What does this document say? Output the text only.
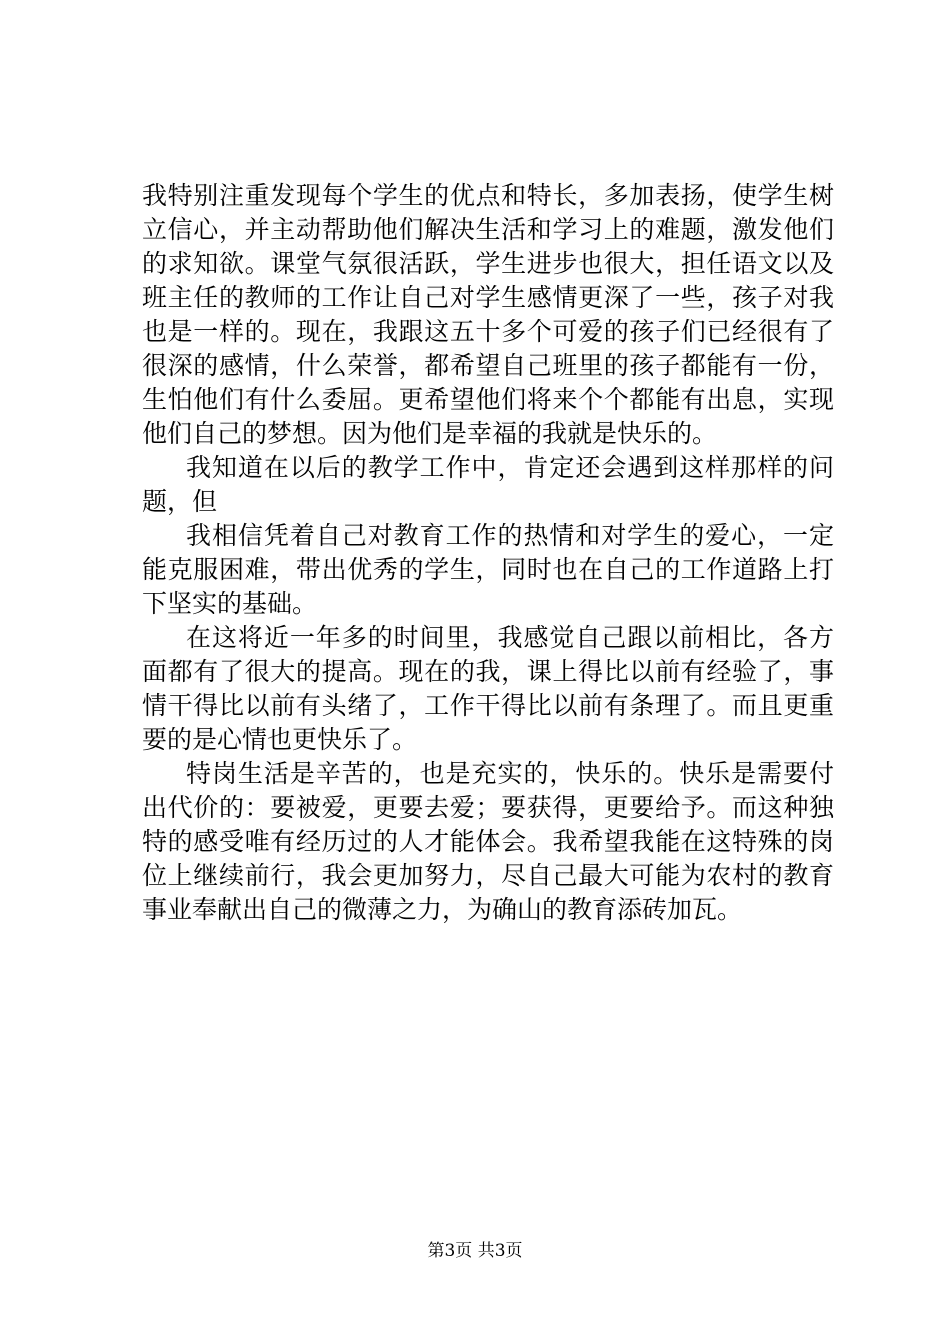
我特别注重发现每个学生的优点和特长，多加表扬，使学生树
立信心，并主动帮助他们解决生活和学习上的难题，激发他们
的求知欲。课堂气氛很活跃，学生进步也很大，担任语文以及
班主任的教师的工作让自己对学生感情更深了一些，孩子对我
也是一样的。现在，我跟这五十多个可爱的孩子们已经很有了
很深的感情，什么荣誉，都希望自己班里的孩子都能有一份，
生怕他们有什么委屈。更希望他们将来个个都能有出息，实现
他们自己的梦想。因为他们是幸福的我就是快乐的。
我知道在以后的教学工作中，肯定还会遇到这样那样的问
题，但
我相信凭着自己对教育工作的热情和对学生的爱心，一定
能克服困难，带出优秀的学生，同时也在自己的工作道路上打
下坚实的基础。
在这将近一年多的时间里，我感觉自己跟以前相比，各方
面都有了很大的提高。现在的我，课上得比以前有经验了，事
情干得比以前有头绪了，工作干得比以前有条理了。而且更重
要的是心情也更快乐了。
特岗生活是辛苦的，也是充实的，快乐的。快乐是需要付
出代价的：要被爱，更要去爱；要获得，更要给予。而这种独
特的感受唯有经历过的人才能体会。我希望我能在这特殊的岗
位上继续前行，我会更加努力，尽自己最大可能为农村的教育
事业奉献出自己的微薄之力，为确山的教育添砖加瓦。
第3页 共3页
